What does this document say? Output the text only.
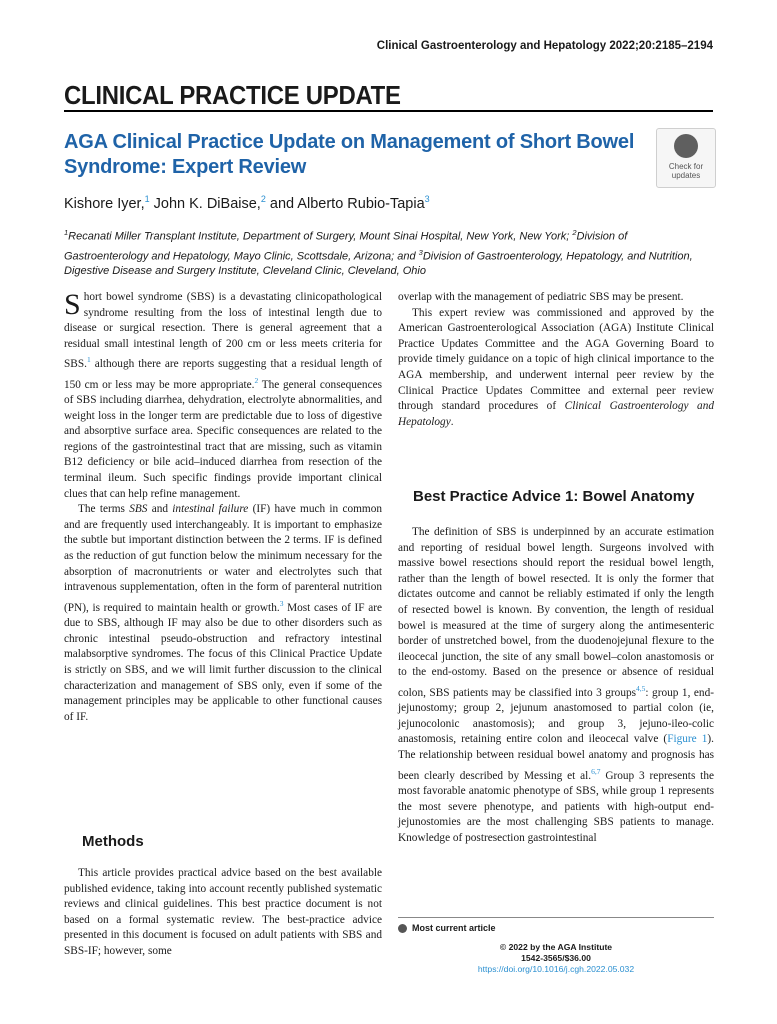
Clinical Gastroenterology and Hepatology 2022;20:2185–2194
CLINICAL PRACTICE UPDATE
AGA Clinical Practice Update on Management of Short Bowel Syndrome: Expert Review	Check for updates
Kishore Iyer,$^1$ John K. DiBaise,$^2$ and Alberto Rubio-Tapia$^3$
$^1$Recanati Miller Transplant Institute, Department of Surgery, Mount Sinai Hospital, New York, New York; $^2$Division of Gastroenterology and Hepatology, Mayo Clinic, Scottsdale, Arizona; and $^3$Division of Gastroenterology, Hepatology, and Nutrition, Digestive Disease and Surgery Institute, Cleveland Clinic, Cleveland, Ohio

Short bowel syndrome (SBS) is a devastating clinicopathological syndrome resulting from the loss of intestinal length due to disease or surgical resection. There is general agreement that a residual small intestinal length of 200 cm or less meets criteria for SBS.$^1$ although there are reports suggesting that a residual length of 150 cm or less may be more appropriate.$^2$ The general consequences of SBS including diarrhea, dehydration, electrolyte abnormalities, and weight loss in the longer term are predictable due to loss of digestive and absorptive surface area. Specific consequences are related to the regions of the gastrointestinal tract that are missing, such as vitamin B12 deficiency or bile acid–induced diarrhea from resection of the terminal ileum. Such specific findings provide important clinical clues that can help refine management.

The terms SBS and intestinal failure (IF) have much in common and are frequently used interchangeably. It is important to emphasize the subtle but important distinction between the 2 terms. IF is defined as the reduction of gut function below the minimum necessary for the absorption of macronutrients or water and electrolytes such that intravenous supplementation, often in the form of parenteral nutrition (PN), is required to maintain health or growth.$^3$ Most cases of IF are due to SBS, although IF may also be due to other disorders such as chronic intestinal pseudo-obstruction and refractory intestinal malabsorptive syndromes. The focus of this Clinical Practice Update is strictly on SBS, and we will limit further discussion to the clinical characterization and management of SBS only, even if some of the management principles may be applicable to other functional causes of IF.

Methods

This article provides practical advice based on the best available published evidence, taking into account recently published systematic reviews and clinical guidelines. This best practice document is not based on a formal systematic review. The best-practice advice presented in this document is focused on adult patients with SBS and SBS-IF; however, some

overlap with the management of pediatric SBS may be present.

This expert review was commissioned and approved by the American Gastroenterological Association (AGA) Institute Clinical Practice Updates Committee and the AGA Governing Board to provide timely guidance on a topic of high clinical importance to the AGA membership, and underwent internal peer review by the Clinical Practice Updates Committee and external peer review through standard procedures of Clinical Gastroenterology and Hepatology.

Best Practice Advice 1: Bowel Anatomy

The definition of SBS is underpinned by an accurate estimation and reporting of residual bowel length. Surgeons involved with massive bowel resections should report the residual bowel length, rather than the length of bowel resected. It is only the former that dictates outcome and cannot be reliably estimated if only the length of resected bowel is known. By convention, the length of residual bowel is measured at the time of surgery along the antimesenteric border of unstretched bowel, from the duodenojejunal flexure to the ileocecal junction, the site of any small bowel–colon anastomosis or to the end-ostomy. Based on the presence or absence of residual colon, SBS patients may be classified into 3 groups$^{4,5}$: group 1, end-jejunostomy; group 2, jejunum anastomosed to partial colon (ie, jejunocolonic anastomosis); and group 3, jejuno-ileo-colic anastomosis, retaining entire colon and ileocecal valve (Figure 1). The relationship between residual bowel anatomy and prognosis has been clearly described by Messing et al.$^{6,7}$ Group 3 represents the most favorable anatomic phenotype of SBS, while group 1 represents the most severe phenotype, and patients with high-output end-jejunostomies are the most challenging SBS patients to manage. Knowledge of postresection gastrointestinal

Most current article
© 2022 by the AGA Institute
1542-3565/$36.00
https://doi.org/10.1016/j.cgh.2022.05.032
